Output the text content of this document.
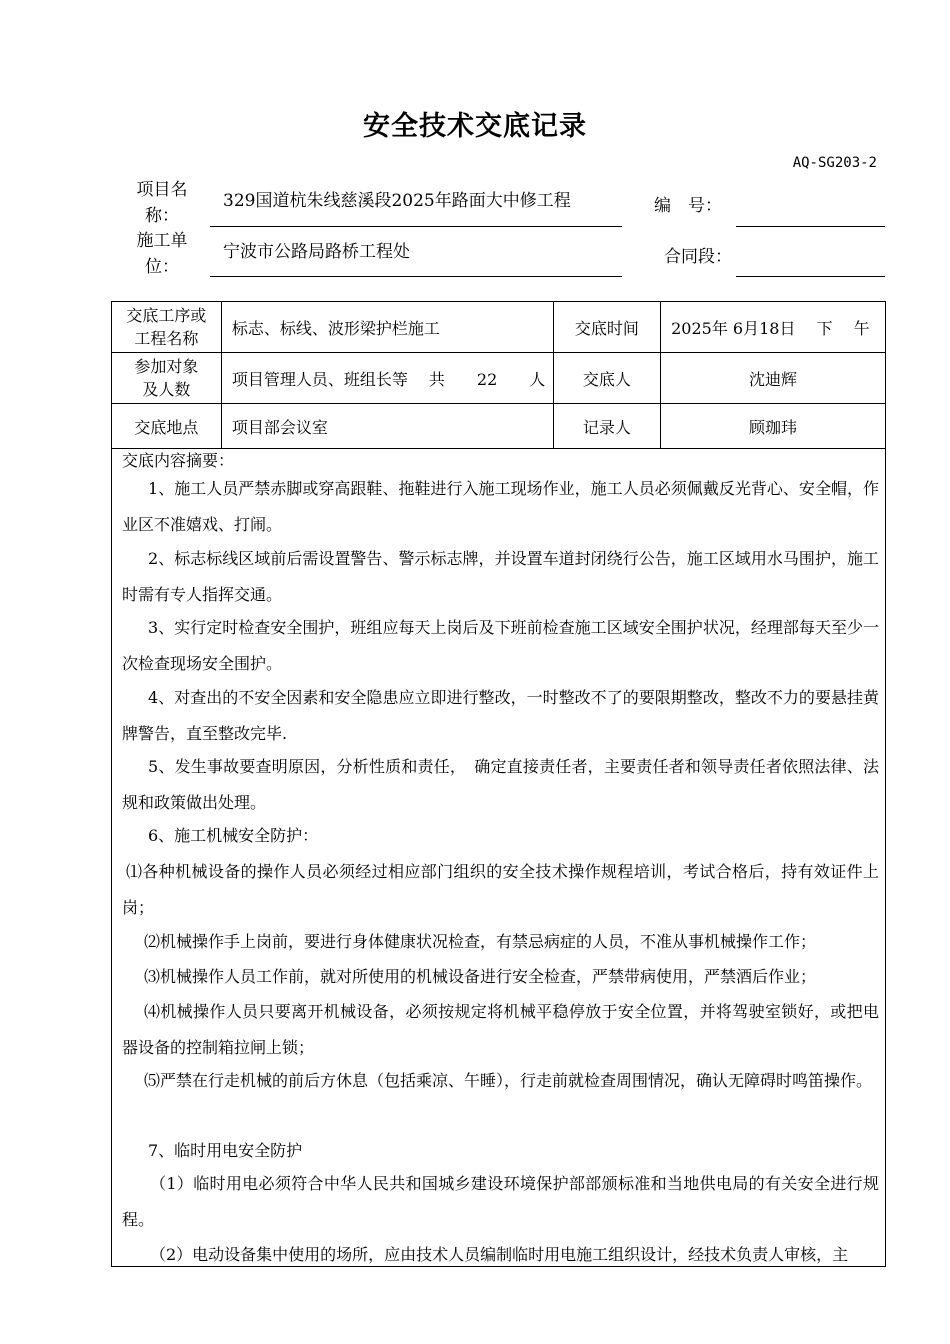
安全技术交底记录
AQ-SG203-2
项目名称：
329国道杭朱线慈溪段2025年路面大中修工程	编　号：
施工单位：
宁波市公路局路桥工程处	合同段：
交底工序或工程名称	标志、标线、波形梁护栏施工	交底时间	2025年 6月18日　 下　 午

参加对象及人数	项目管理人员、班组长等　 共　　22　　人	交底人	沈迪辉
交底地点	项目部会议室	记录人	顾珈玮
交底内容摘要：
1、施工人员严禁赤脚或穿高跟鞋、拖鞋进行入施工现场作业，施工人员必须佩戴反光背心、安全帽，作业区不准嬉戏、打闹。
2、标志标线区域前后需设置警告、警示标志牌，并设置车道封闭绕行公告，施工区域用水马围护，施工时需有专人指挥交通。
3、实行定时检查安全围护，班组应每天上岗后及下班前检查施工区域安全围护状况，经理部每天至少一次检查现场安全围护。
4、对查出的不安全因素和安全隐患应立即进行整改，一时整改不了的要限期整改，整改不力的要悬挂黄牌警告，直至整改完毕.
5、发生事故要查明原因，分析性质和责任，　确定直接责任者，主要责任者和领导责任者依照法律、法规和政策做出处理。
6、施工机械安全防护：
⑴各种机械设备的操作人员必须经过相应部门组织的安全技术操作规程培训，考试合格后，持有效证件上岗；
⑵机械操作手上岗前，要进行身体健康状况检查，有禁忌病症的人员，不准从事机械操作工作；
⑶机械操作人员工作前，就对所使用的机械设备进行安全检查，严禁带病使用，严禁酒后作业；
⑷机械操作人员只要离开机械设备，必须按规定将机械平稳停放于安全位置，并将驾驶室锁好，或把电器设备的控制箱拉闸上锁；
⑸严禁在行走机械的前后方休息（包括乘凉、午睡），行走前就检查周围情况，确认无障碍时鸣笛操作。
7、临时用电安全防护
（1）临时用电必须符合中华人民共和国城乡建设环境保护部部颁标准和当地供电局的有关安全进行规程。
（2）电动设备集中使用的场所，应由技术人员编制临时用电施工组织设计，经技术负责人审核，主
